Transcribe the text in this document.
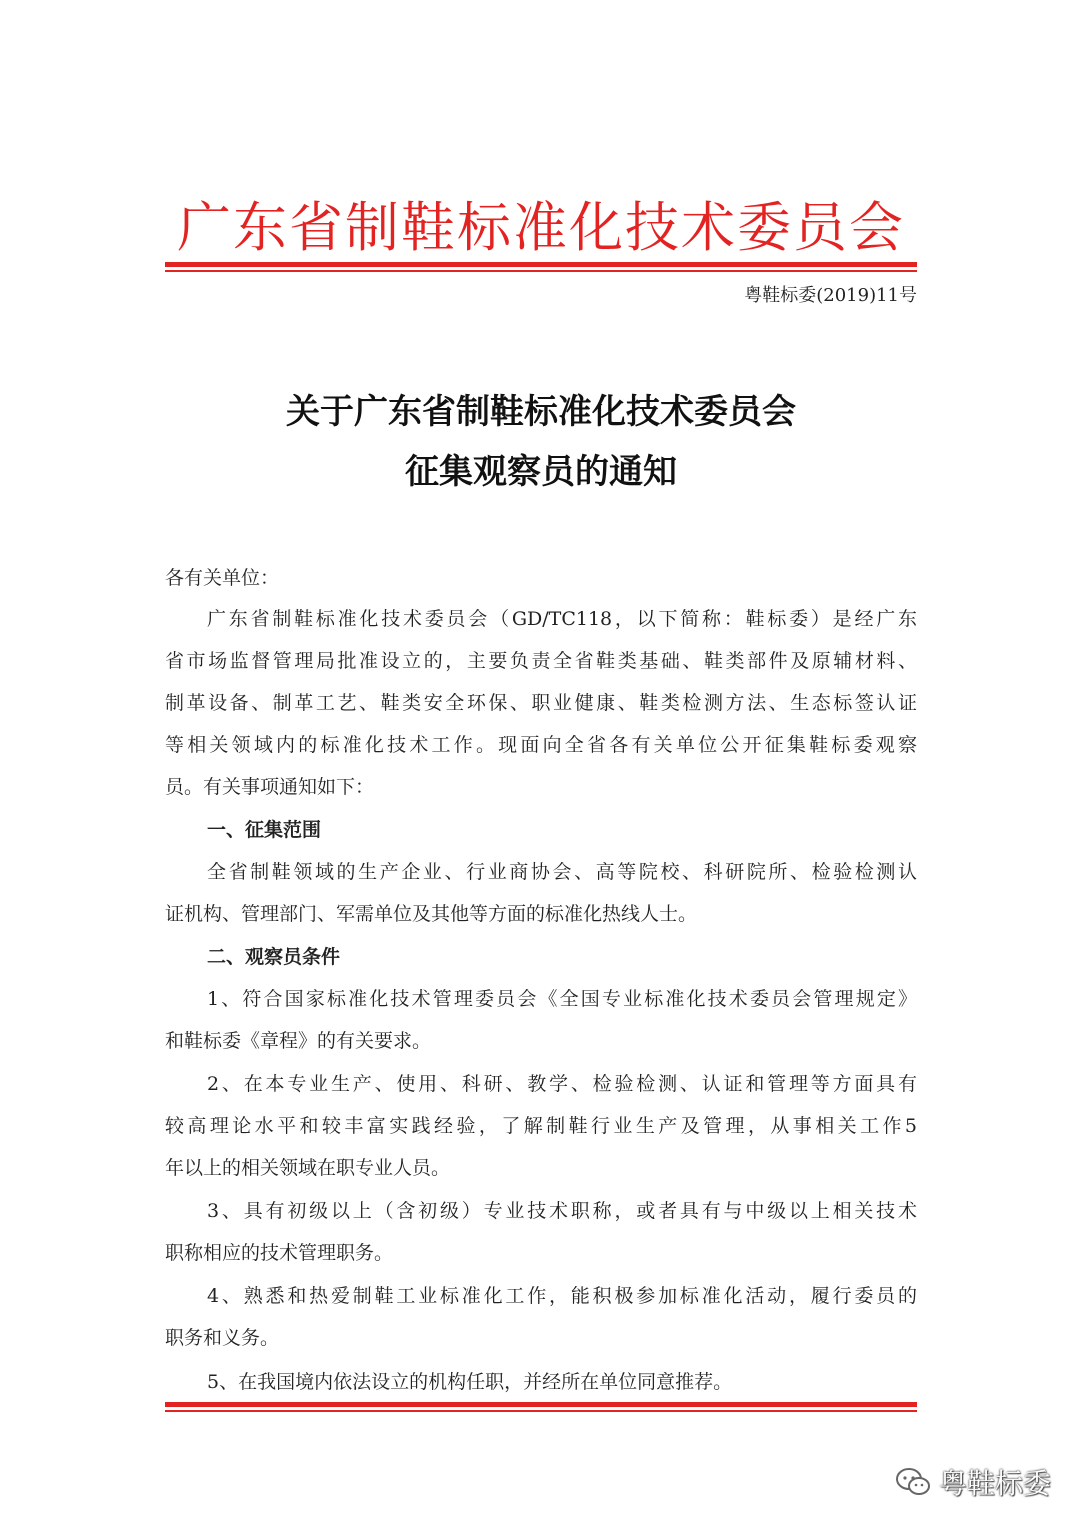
广东省制鞋标准化技术委员会
粤鞋标委(2019)11号
关于广东省制鞋标准化技术委员会
征集观察员的通知
各有关单位：
广东省制鞋标准化技术委员会（GD/TC118，以下简称：鞋标委）是经广东
省市场监督管理局批准设立的，主要负责全省鞋类基础、鞋类部件及原辅材料、
制革设备、制革工艺、鞋类安全环保、职业健康、鞋类检测方法、生态标签认证
等相关领域内的标准化技术工作。现面向全省各有关单位公开征集鞋标委观察
员。有关事项通知如下：
一、征集范围
全省制鞋领域的生产企业、行业商协会、高等院校、科研院所、检验检测认
证机构、管理部门、军需单位及其他等方面的标准化热线人士。
二、观察员条件
1、符合国家标准化技术管理委员会《全国专业标准化技术委员会管理规定》
和鞋标委《章程》的有关要求。
2、在本专业生产、使用、科研、教学、检验检测、认证和管理等方面具有
较高理论水平和较丰富实践经验，了解制鞋行业生产及管理，从事相关工作5
年以上的相关领域在职专业人员。
3、具有初级以上（含初级）专业技术职称，或者具有与中级以上相关技术
职称相应的技术管理职务。
4、熟悉和热爱制鞋工业标准化工作，能积极参加标准化活动，履行委员的
职务和义务。
5、在我国境内依法设立的机构任职，并经所在单位同意推荐。
粤鞋标委
